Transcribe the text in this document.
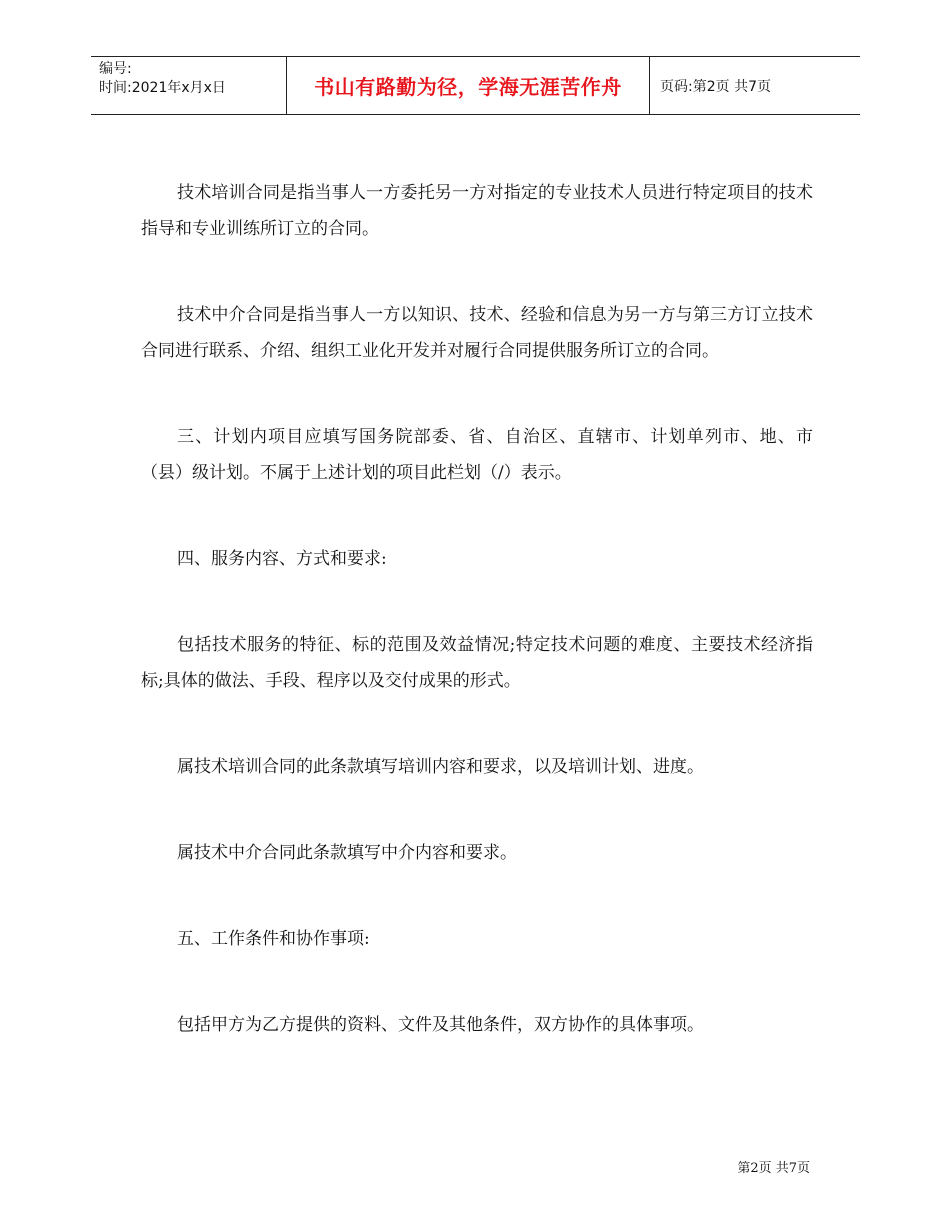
编号:
时间:2021年x月x日	书山有路勤为径，学海无涯苦作舟	页码:第2页 共7页

技术培训合同是指当事人一方委托另一方对指定的专业技术人员进行特定项目的技术指导和专业训练所订立的合同。

技术中介合同是指当事人一方以知识、技术、经验和信息为另一方与第三方订立技术合同进行联系、介绍、组织工业化开发并对履行合同提供服务所订立的合同。

三、计划内项目应填写国务院部委、省、自治区、直辖市、计划单列市、地、市（县）级计划。不属于上述计划的项目此栏划（/）表示。

四、服务内容、方式和要求:

包括技术服务的特征、标的范围及效益情况;特定技术问题的难度、主要技术经济指标;具体的做法、手段、程序以及交付成果的形式。

属技术培训合同的此条款填写培训内容和要求，以及培训计划、进度。

属技术中介合同此条款填写中介内容和要求。

五、工作条件和协作事项:

包括甲方为乙方提供的资料、文件及其他条件，双方协作的具体事项。

第2页 共7页
